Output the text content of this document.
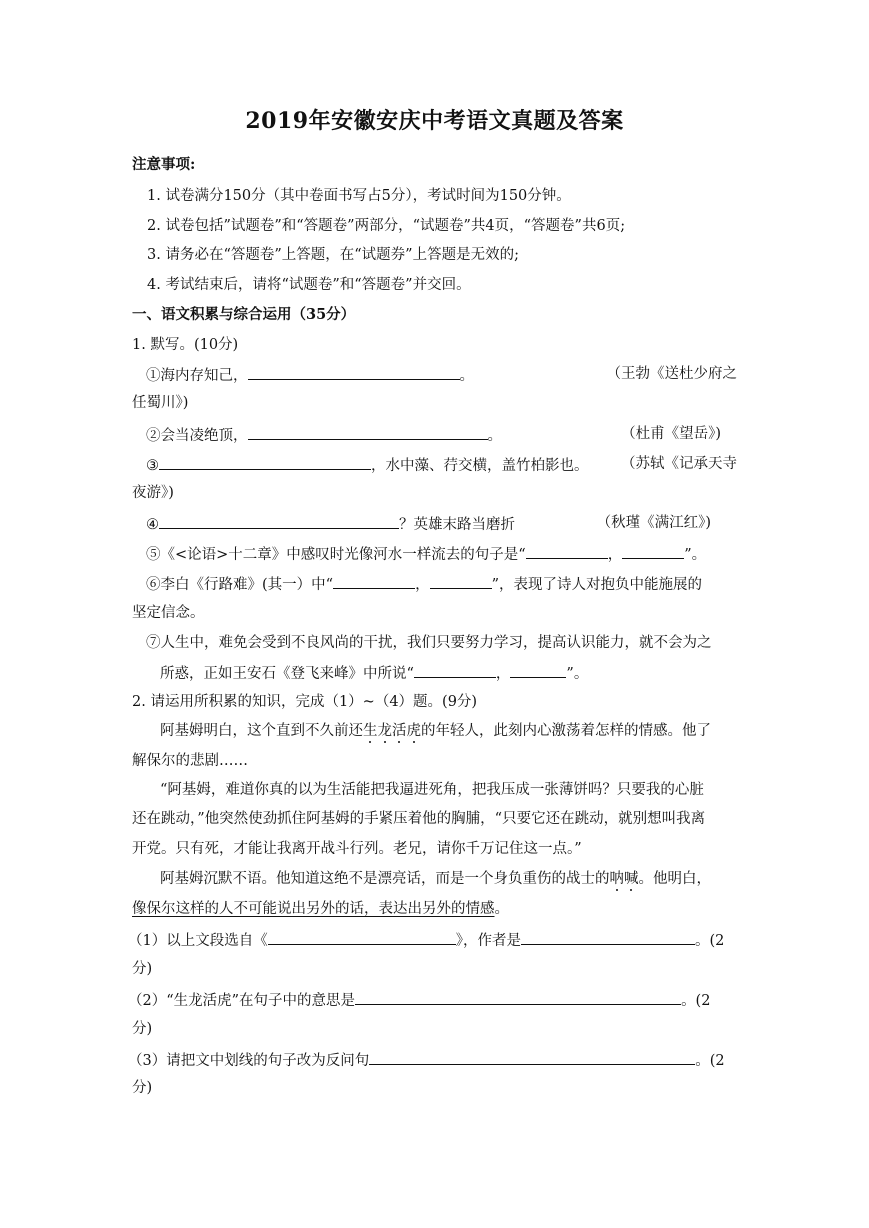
2019年安徽安庆中考语文真题及答案
注意事项:
1. 试卷满分150分（其中卷面书写占5分），考试时间为150分钟。
2. 试卷包括”试题卷”和“答题卷”两部分，“试题卷”共4页，“答题卷”共6页;
3. 请务必在“答题卷”上答题，在“试题券”上答题是无效的;
4. 考试结束后，请将“试题卷”和“答题卷”并交回。
一、语文积累与综合运用（35分）
1. 默写。(10分)
①海内存知己，	。	（王勃《送杜少府之
任蜀川》)
②会当凌绝顶，	。	（杜甫《望岳》)
③	，水中藻、荇交横，盖竹柏影也。 （苏轼《记承天寺
夜游》)
④	？英雄末路当磨折	（秋瑾《满江红》)
⑤《<论语>十二章》中感叹时光像河水一样流去的句子是“	，	”。
⑥李白《行路难》(其一）中“	，	”，表现了诗人对抱负中能施展的
坚定信念。
⑦人生中，难免会受到不良风尚的干扰，我们只要努力学习，提高认识能力，就不会为之
所惑，正如王安石《登飞来峰》中所说“	，	”。
2. 请运用所积累的知识，完成（1）~（4）题。(9分)
阿基姆明白，这个直到不久前还生龙活虎的年轻人，此刻内心激荡着怎样的情感。他了
解保尔的悲剧……
“阿基姆，难道你真的以为生活能把我逼进死角，把我压成一张薄饼吗？只要我的心脏
还在跳动，”他突然使劲抓住阿基姆的手紧压着他的胸脯，“只要它还在跳动，就别想叫我离
开党。只有死，才能让我离开战斗行列。老兄，请你千万记住这一点。”
阿基姆沉默不语。他知道这绝不是漂亮话，而是一个身负重伤的战士的呐喊。他明白，
像保尔这样的人不可能说出另外的话，表达出另外的情感。
（1）以上文段选自《	》，作者是	。(2
分)
（2）“生龙活虎”在句子中的意思是	。(2
分)
（3）请把文中划线的句子改为反问句	。(2
分)
